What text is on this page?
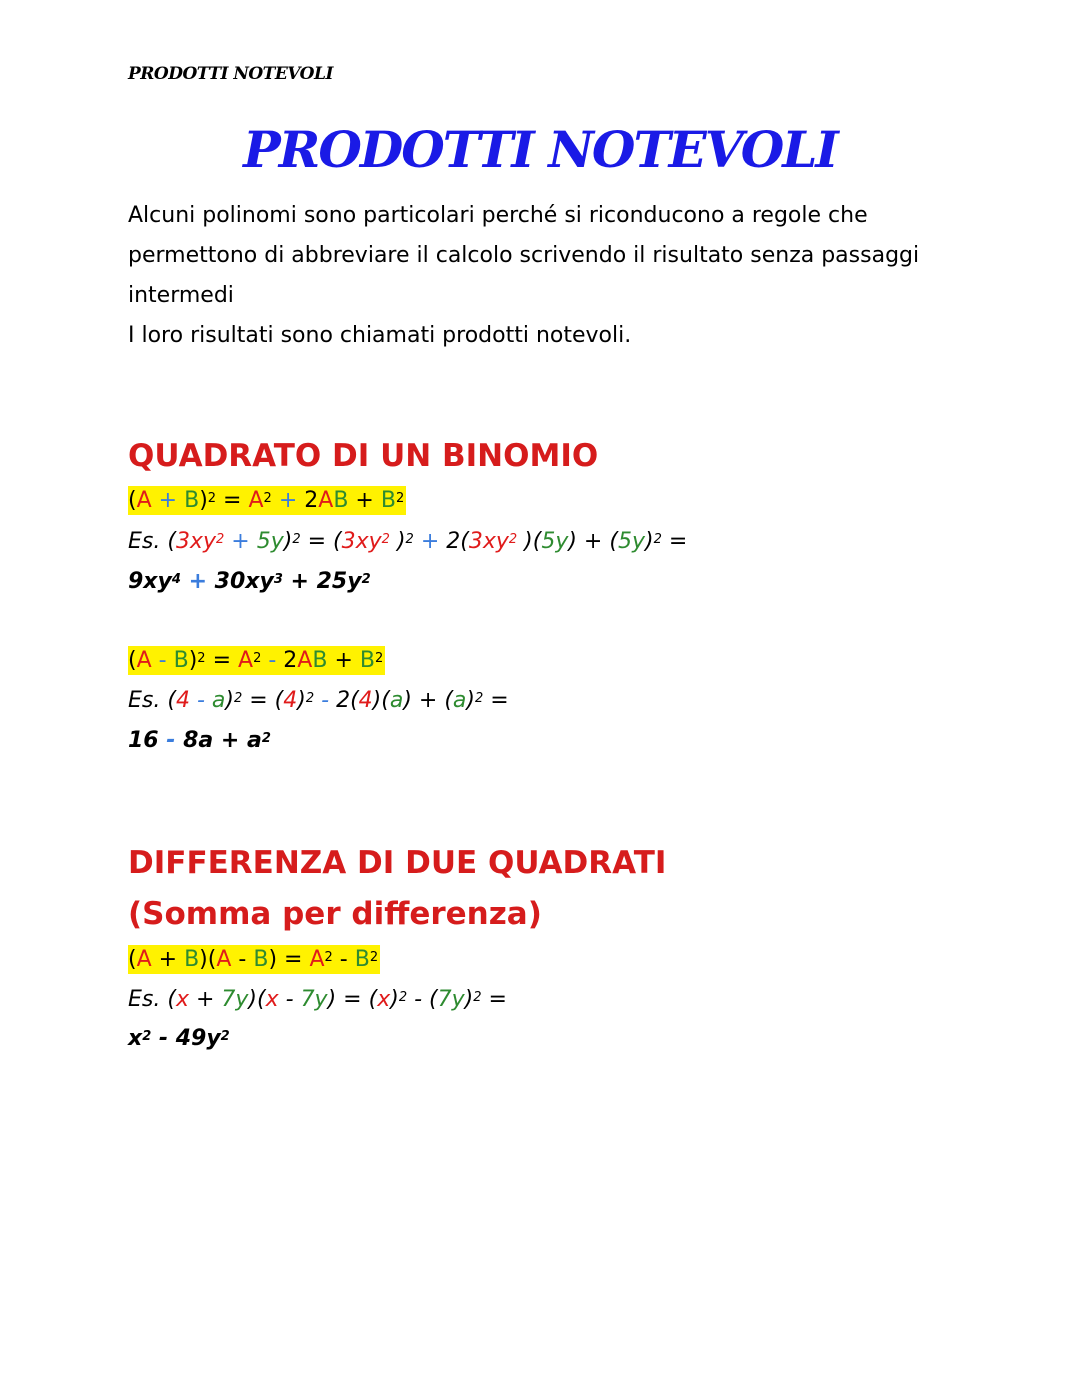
PRODOTTI NOTEVOLI
PRODOTTI NOTEVOLI

Alcuni polinomi sono particolari perché si riconducono a regole che permettono di abbreviare il calcolo scrivendo il risultato senza passaggi intermedi

I loro risultati sono chiamati prodotti notevoli.

QUADRATO DI UN BINOMIO
$(A + B)^2 = A^2 + 2AB + B^2$
Es. $(3xy^2 + 5y)^2 = (3xy^2$ )$^2 + 2(3xy^2$ )$(5y) + (5y)^2$ =
$9xy^4 + 30xy^3 + 25y^2$
$(A - B)^2 = A^2 - 2AB + B^2$
Es. $(4 - a)^2 = (4)^2 - 2(4)(a) + (a)^2$ =
$16 - 8a + a^2$
DIFFERENZA DI DUE QUADRATI
(Somma per differenza)
$(A + B)(A - B) = A^2 - B^2$
Es. $(x + 7y)(x - 7y) = (x)^2 - (7y)^2$ =
$x^2 - 49y^2$
